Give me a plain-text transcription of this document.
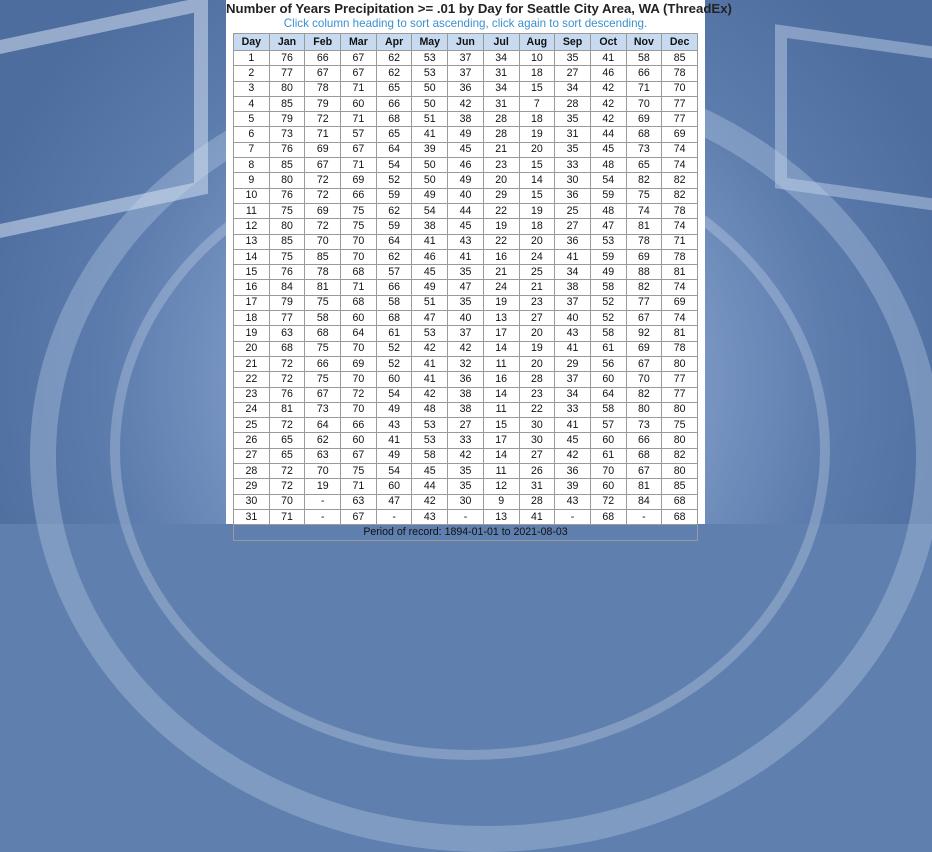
Number of Years Precipitation >= .01 by Day for Seattle City Area, WA (ThreadEx)
Click column heading to sort ascending, click again to sort descending.
Day	Jan	Feb	Mar	Apr	May	Jun	Jul	Aug	Sep	Oct	Nov	Dec
1	76	66	67	62	53	37	34	10	35	41	58	85
2	77	67	67	62	53	37	31	18	27	46	66	78
3	80	78	71	65	50	36	34	15	34	42	71	70
4	85	79	60	66	50	42	31	7	28	42	70	77
5	79	72	71	68	51	38	28	18	35	42	69	77
6	73	71	57	65	41	49	28	19	31	44	68	69
7	76	69	67	64	39	45	21	20	35	45	73	74
8	85	67	71	54	50	46	23	15	33	48	65	74
9	80	72	69	52	50	49	20	14	30	54	82	82
10	76	72	66	59	49	40	29	15	36	59	75	82
11	75	69	75	62	54	44	22	19	25	48	74	78
12	80	72	75	59	38	45	19	18	27	47	81	74
13	85	70	70	64	41	43	22	20	36	53	78	71
14	75	85	70	62	46	41	16	24	41	59	69	78
15	76	78	68	57	45	35	21	25	34	49	88	81
16	84	81	71	66	49	47	24	21	38	58	82	74
17	79	75	68	58	51	35	19	23	37	52	77	69
18	77	58	60	68	47	40	13	27	40	52	67	74
19	63	68	64	61	53	37	17	20	43	58	92	81
20	68	75	70	52	42	42	14	19	41	61	69	78
21	72	66	69	52	41	32	11	20	29	56	67	80
22	72	75	70	60	41	36	16	28	37	60	70	77
23	76	67	72	54	42	38	14	23	34	64	82	77
24	81	73	70	49	48	38	11	22	33	58	80	80
25	72	64	66	43	53	27	15	30	41	57	73	75
26	65	62	60	41	53	33	17	30	45	60	66	80
27	65	63	67	49	58	42	14	27	42	61	68	82
28	72	70	75	54	45	35	11	26	36	70	67	80
29	72	19	71	60	44	35	12	31	39	60	81	85
30	70	-	63	47	42	30	9	28	43	72	84	68
31	71	-	67	-	43	-	13	41	-	68	-	68
Period of record: 1894-01-01 to 2021-08-03												
